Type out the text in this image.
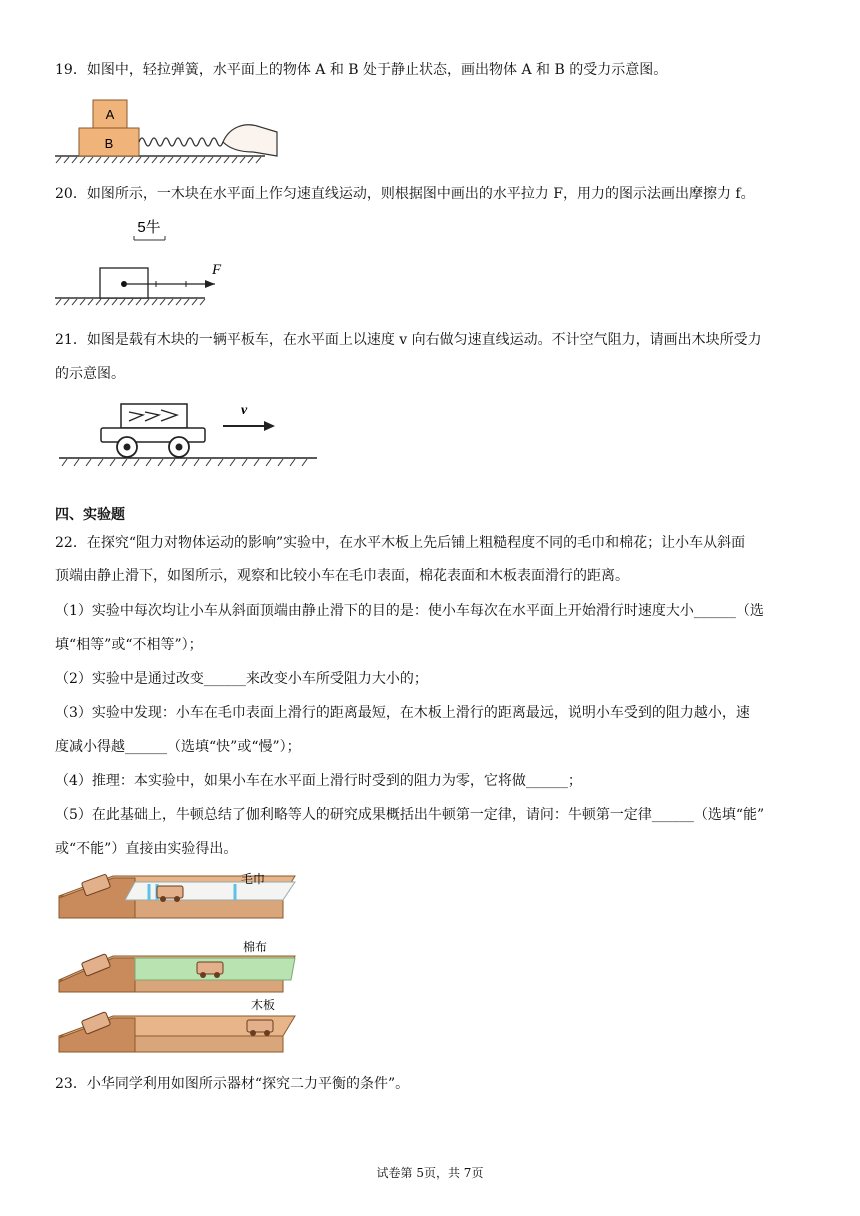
19．如图中，轻拉弹簧，水平面上的物体 A 和 B 处于静止状态，画出物体 A 和 B 的受力示意图。
A
B
20．如图所示，一木块在水平面上作匀速直线运动，则根据图中画出的水平拉力 F，用力的图示法画出摩擦力 f。
5牛
F
21．如图是载有木块的一辆平板车，在水平面上以速度 v 向右做匀速直线运动。不计空气阻力，请画出木块所受力
的示意图。
v
四、实验题
22．在探究“阻力对物体运动的影响”实验中，在水平木板上先后铺上粗糙程度不同的毛巾和棉花；让小车从斜面
顶端由静止滑下，如图所示，观察和比较小车在毛巾表面，棉花表面和木板表面滑行的距离。
（1）实验中每次均让小车从斜面顶端由静止滑下的目的是：使小车每次在水平面上开始滑行时速度大小______（选
填“相等”或“不相等”）；
（2）实验中是通过改变______来改变小车所受阻力大小的；
（3）实验中发现：小车在毛巾表面上滑行的距离最短，在木板上滑行的距离最远，说明小车受到的阻力越小，速
度减小得越______（选填“快”或“慢”）；
（4）推理：本实验中，如果小车在水平面上滑行时受到的阻力为零，它将做______；
（5）在此基础上，牛顿总结了伽利略等人的研究成果概括出牛顿第一定律，请问：牛顿第一定律______（选填“能”
或“不能”）直接由实验得出。
毛巾
棉布
木板
23．小华同学利用如图所示器材“探究二力平衡的条件”。
试卷第 5页，共 7页
